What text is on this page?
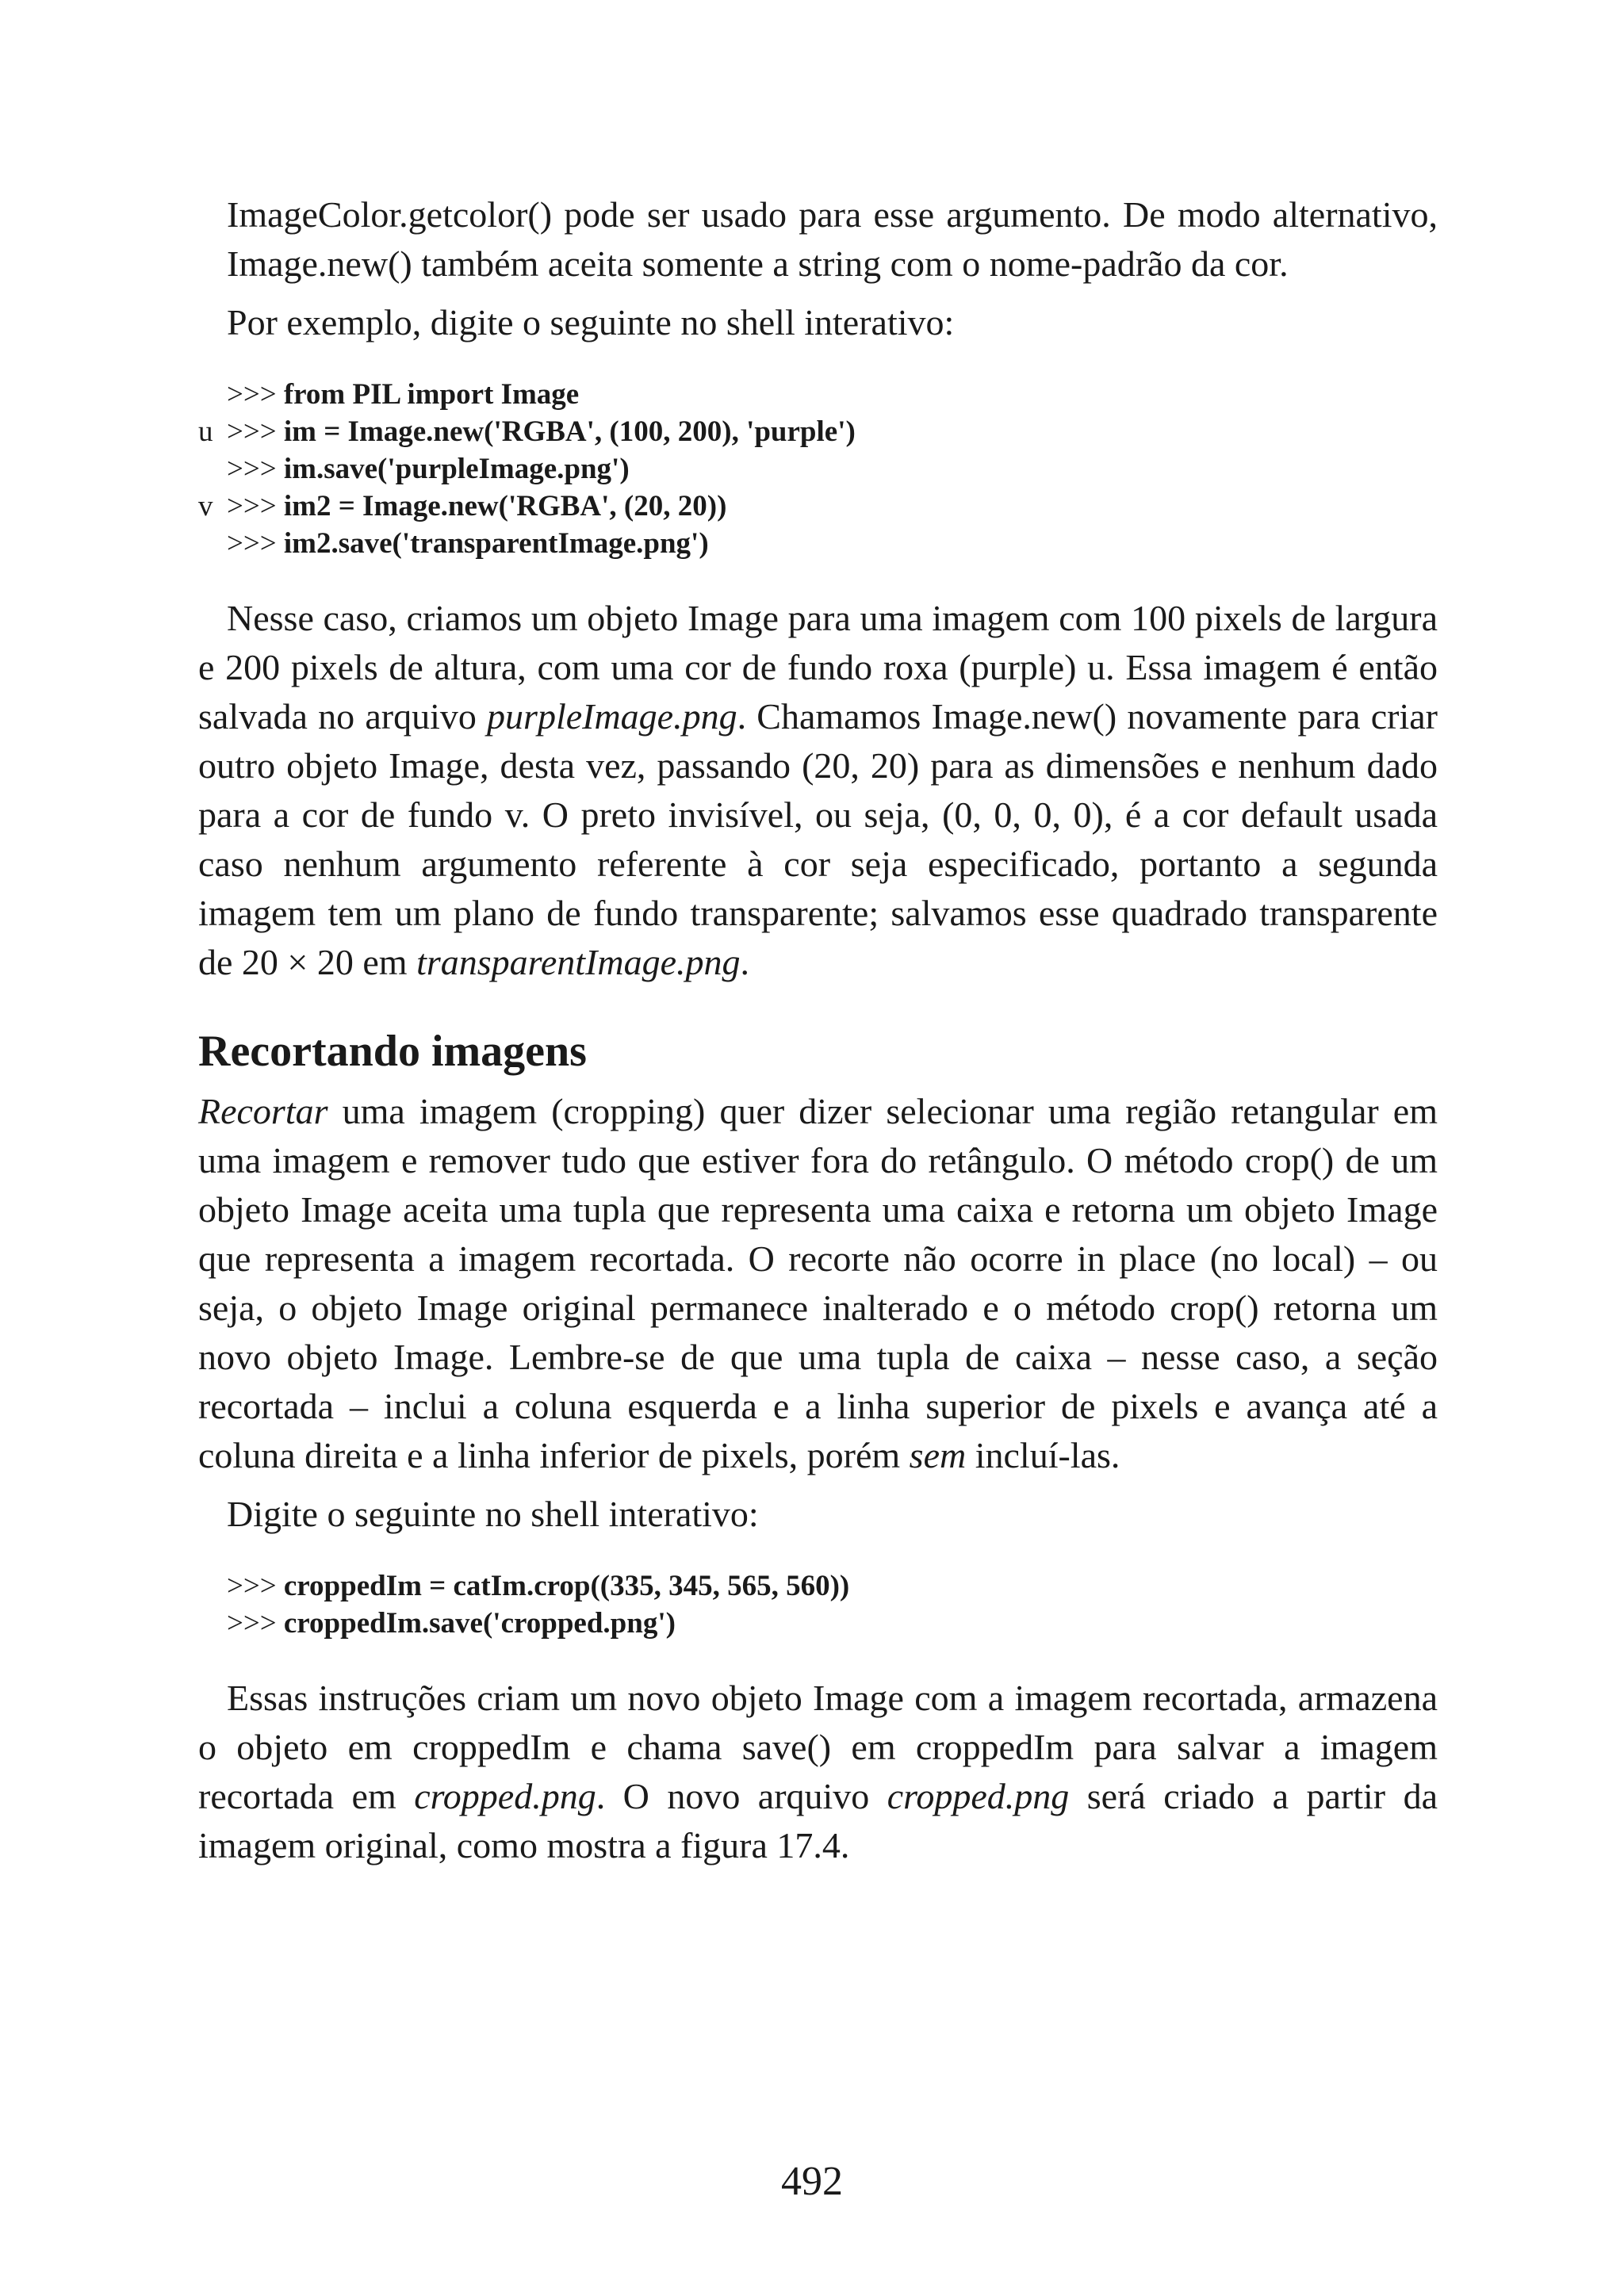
ImageColor.getcolor() pode ser usado para esse argumento. De modo alternativo, Image.new() também aceita somente a string com o nome-padrão da cor.

Por exemplo, digite o seguinte no shell interativo:

>>> from PIL import Image
u >>> im = Image.new('RGBA', (100, 200), 'purple')
>>> im.save('purpleImage.png')
v >>> im2 = Image.new('RGBA', (20, 20))
>>> im2.save('transparentImage.png')

Nesse caso, criamos um objeto Image para uma imagem com 100 pixels de largura e 200 pixels de altura, com uma cor de fundo roxa (purple) u. Essa imagem é então salvada no arquivo purpleImage.png. Chamamos Image.new() novamente para criar outro objeto Image, desta vez, passando (20, 20) para as dimensões e nenhum dado para a cor de fundo v. O preto invisível, ou seja, (0, 0, 0, 0), é a cor default usada caso nenhum argumento referente à cor seja especificado, portanto a segunda imagem tem um plano de fundo transparente; salvamos esse quadrado transparente de 20 × 20 em transparentImage.png.

Recortando imagens

Recortar uma imagem (cropping) quer dizer selecionar uma região retangular em uma imagem e remover tudo que estiver fora do retângulo. O método crop() de um objeto Image aceita uma tupla que representa uma caixa e retorna um objeto Image que representa a imagem recortada. O recorte não ocorre in place (no local) – ou seja, o objeto Image original permanece inalterado e o método crop() retorna um novo objeto Image. Lembre-se de que uma tupla de caixa – nesse caso, a seção recortada – inclui a coluna esquerda e a linha superior de pixels e avança até a coluna direita e a linha inferior de pixels, porém sem incluí-las.

Digite o seguinte no shell interativo:

>>> croppedIm = catIm.crop((335, 345, 565, 560))
>>> croppedIm.save('cropped.png')

Essas instruções criam um novo objeto Image com a imagem recortada, armazena o objeto em croppedIm e chama save() em croppedIm para salvar a imagem recortada em cropped.png. O novo arquivo cropped.png será criado a partir da imagem original, como mostra a figura 17.4.

492
